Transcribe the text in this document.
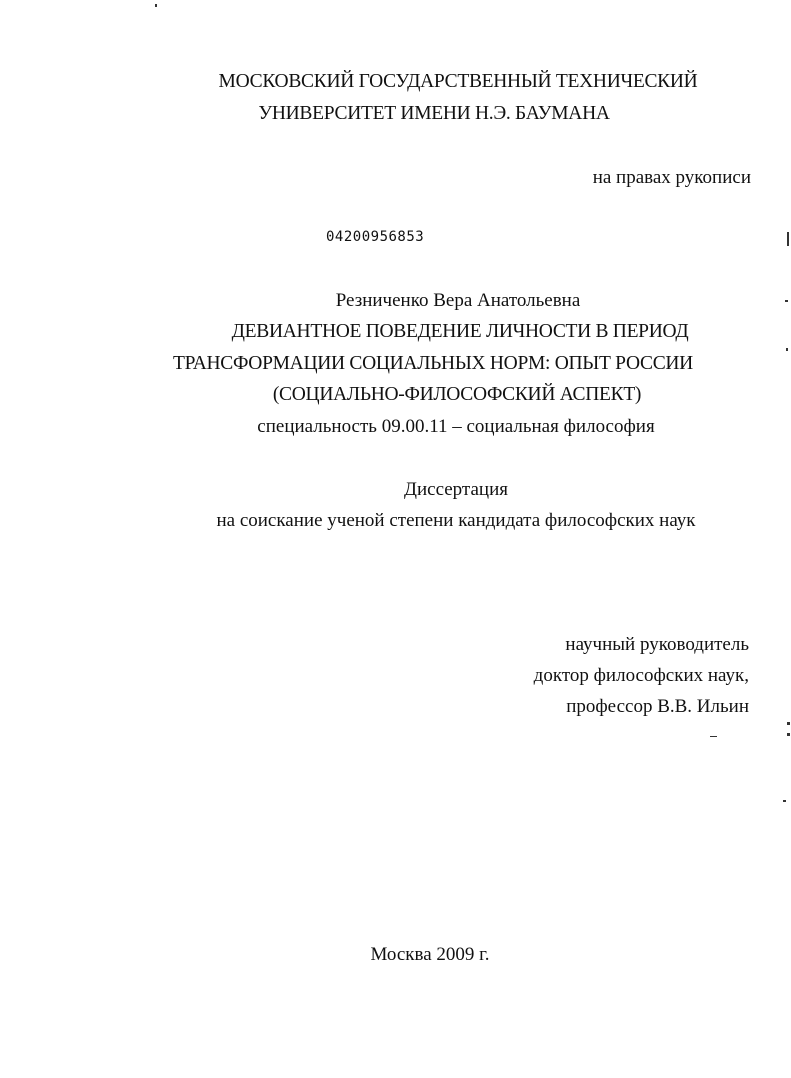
МОСКОВСКИЙ ГОСУДАРСТВЕННЫЙ ТЕХНИЧЕСКИЙ
УНИВЕРСИТЕТ ИМЕНИ Н.Э. БАУМАНА
на правах рукописи
04200956853
Резниченко Вера Анатольевна
ДЕВИАНТНОЕ ПОВЕДЕНИЕ ЛИЧНОСТИ В ПЕРИОД
ТРАНСФОРМАЦИИ СОЦИАЛЬНЫХ НОРМ: ОПЫТ РОССИИ
(СОЦИАЛЬНО-ФИЛОСОФСКИЙ АСПЕКТ)
специальность 09.00.11 – социальная философия
Диссертация
на соискание ученой степени кандидата философских наук
научный руководитель
доктор философских наук,
профессор В.В. Ильин
Москва 2009 г.
